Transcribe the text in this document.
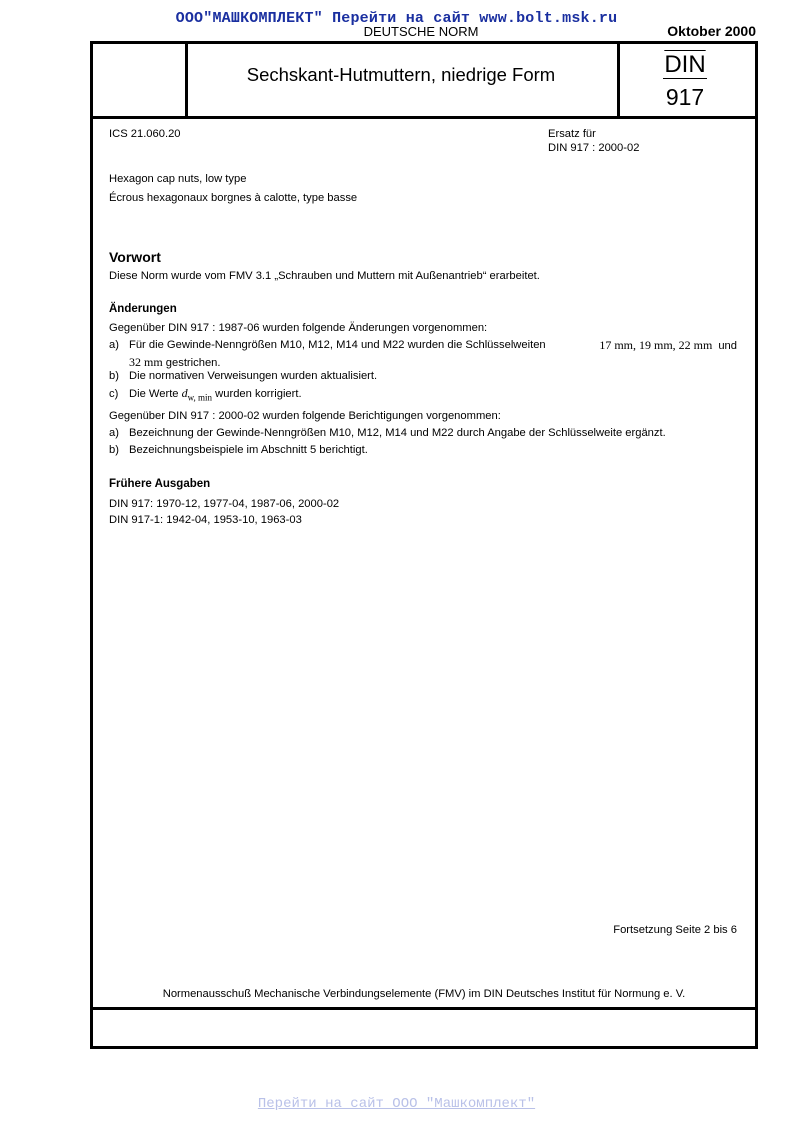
ООО"МАШКОМПЛЕКТ" Перейти на сайт www.bolt.msk.ru
DEUTSCHE NORM	Oktober 2000
Sechskant-Hutmuttern, niedrige Form	$\overline{DIN}$
917
ICS 21.060.20	Ersatz für
DIN 917 : 2000-02
Hexagon cap nuts, low type
Écrous hexagonaux borgnes à calotte, type basse
Vorwort
Diese Norm wurde vom FMV 3.1 „Schrauben und Muttern mit Außenantrieb“ erarbeitet.
Änderungen
Gegenüber DIN 917 : 1987-06 wurden folgende Änderungen vorgenommen:
a) Für die Gewinde-Nenngrößen M10, M12, M14 und M22 wurden die Schlüsselweiten	17 mm, 19 mm, 22 mm und
32 mm gestrichen.
b) Die normativen Verweisungen wurden aktualisiert.
c) Die Werte $d_{w, min}$ wurden korrigiert.
Gegenüber DIN 917 : 2000-02 wurden folgende Berichtigungen vorgenommen:
a) Bezeichnung der Gewinde-Nenngrößen M10, M12, M14 und M22 durch Angabe der Schlüsselweite ergänzt.
b) Bezeichnungsbeispiele im Abschnitt 5 berichtigt.
Frühere Ausgaben
DIN 917: 1970-12, 1977-04, 1987-06, 2000-02
DIN 917-1: 1942-04, 1953-10, 1963-03
Fortsetzung Seite 2 bis 6
Normenausschuß Mechanische Verbindungselemente (FMV) im DIN Deutsches Institut für Normung e. V.
Перейти на сайт ООО "Машкомплект"
